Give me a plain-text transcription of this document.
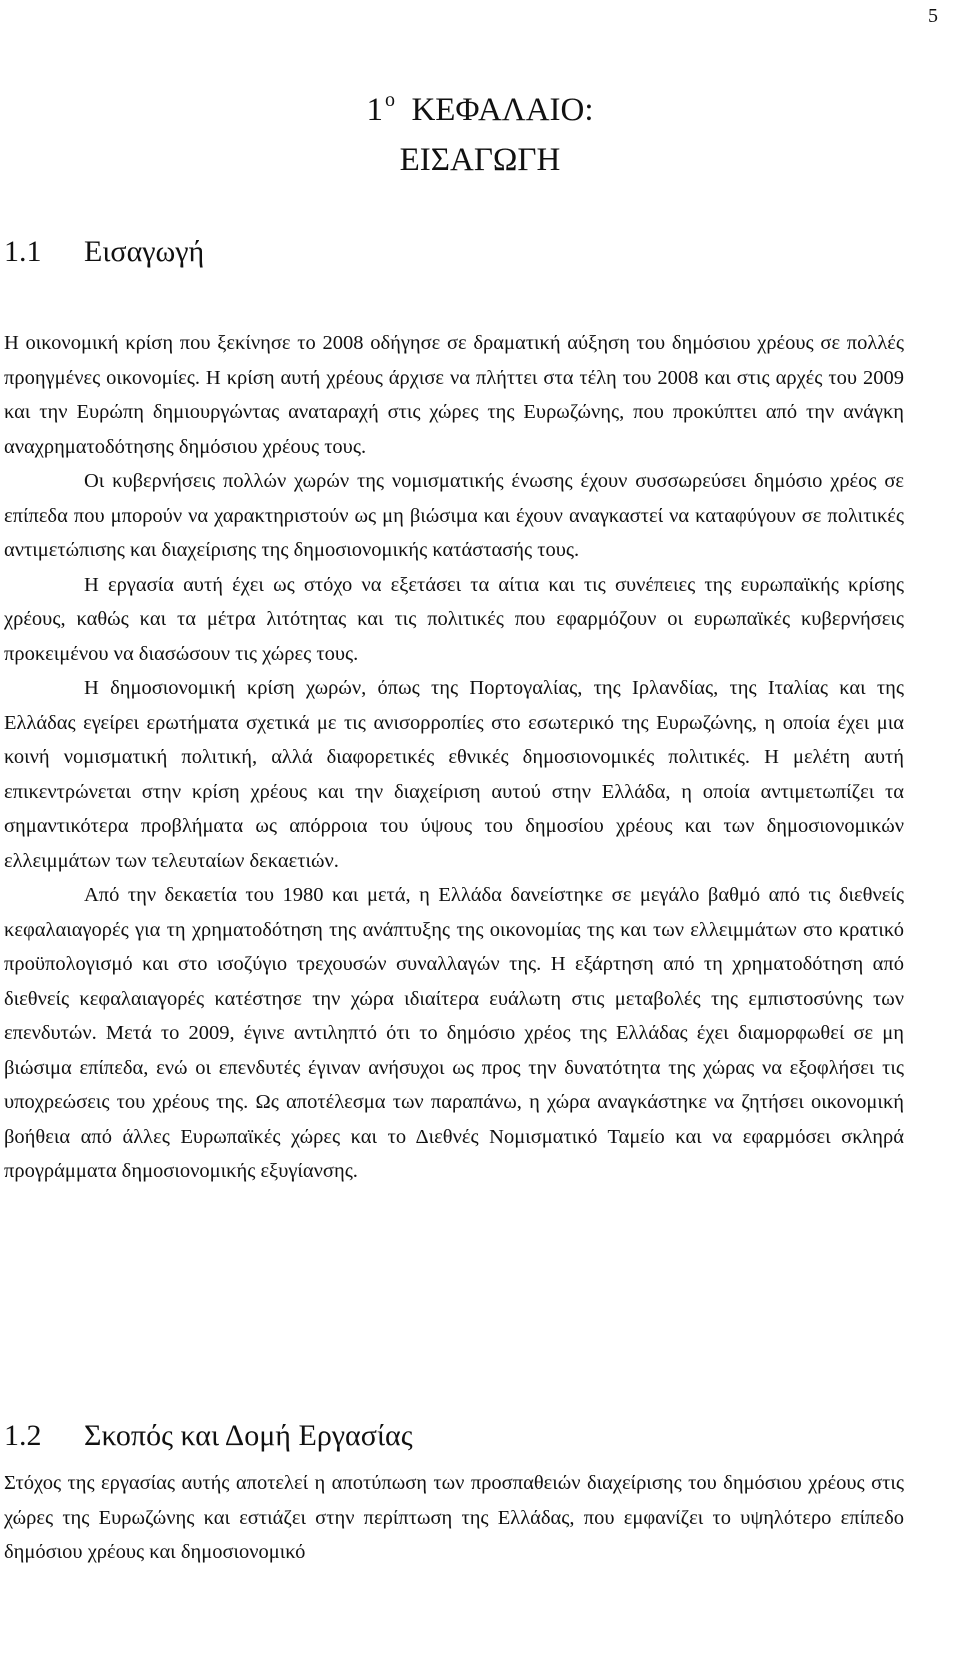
5
1 $^o$ ΚΕΦΑΛΑΙΟ:
ΕΙΣΑΓΩΓΗ
1.1 Εισαγωγή

Η οικονομική κρίση που ξεκίνησε το 2008 οδήγησε σε δραματική αύξηση του δημόσιου χρέους σε πολλές προηγμένες οικονομίες. Η κρίση αυτή χρέους άρχισε να πλήττει στα τέλη του 2008 και στις αρχές του 2009 και την Ευρώπη δημιουργώντας αναταραχή στις χώρες της Ευρωζώνης, που προκύπτει από την ανάγκη αναχρηματοδότησης δημόσιου χρέους τους.

Οι κυβερνήσεις πολλών χωρών της νομισματικής ένωσης έχουν συσσωρεύσει δημόσιο χρέος σε επίπεδα που μπορούν να χαρακτηριστούν ως μη βιώσιμα και έχουν αναγκαστεί να καταφύγουν σε πολιτικές αντιμετώπισης και διαχείρισης της δημοσιονομικής κατάστασής τους.

Η εργασία αυτή έχει ως στόχο να εξετάσει τα αίτια και τις συνέπειες της ευρωπαϊκής κρίσης χρέους, καθώς και τα μέτρα λιτότητας και τις πολιτικές που εφαρμόζουν οι ευρωπαϊκές κυβερνήσεις προκειμένου να διασώσουν τις χώρες τους.

Η δημοσιονομική κρίση χωρών, όπως της Πορτογαλίας, της Ιρλανδίας, της Ιταλίας και της Ελλάδας εγείρει ερωτήματα σχετικά με τις ανισορροπίες στο εσωτερικό της Ευρωζώνης, η οποία έχει μια κοινή νομισματική πολιτική, αλλά διαφορετικές εθνικές δημοσιονομικές πολιτικές. Η μελέτη αυτή επικεντρώνεται στην κρίση χρέους και την διαχείριση αυτού στην Ελλάδα, η οποία αντιμετωπίζει τα σημαντικότερα προβλήματα ως απόρροια του ύψους του δημοσίου χρέους και των δημοσιονομικών ελλειμμάτων των τελευταίων δεκαετιών.

Από την δεκαετία του 1980 και μετά, η Ελλάδα δανείστηκε σε μεγάλο βαθμό από τις διεθνείς κεφαλαιαγορές για τη χρηματοδότηση της ανάπτυξης της οικονομίας της και των ελλειμμάτων στο κρατικό προϋπολογισμό και στο ισοζύγιο τρεχουσών συναλλαγών της. Η εξάρτηση από τη χρηματοδότηση από διεθνείς κεφαλαιαγορές κατέστησε την χώρα ιδιαίτερα ευάλωτη στις μεταβολές της εμπιστοσύνης των επενδυτών. Μετά το 2009, έγινε αντιληπτό ότι το δημόσιο χρέος της Ελλάδας έχει διαμορφωθεί σε μη βιώσιμα επίπεδα, ενώ οι επενδυτές έγιναν ανήσυχοι ως προς την δυνατότητα της χώρας να εξοφλήσει τις υποχρεώσεις του χρέους της. Ως αποτέλεσμα των παραπάνω, η χώρα αναγκάστηκε να ζητήσει οικονομική βοήθεια από άλλες Ευρωπαϊκές χώρες και το Διεθνές Νομισματικό Ταμείο και να εφαρμόσει σκληρά προγράμματα δημοσιονομικής εξυγίανσης.

1.2 Σκοπός και Δομή Εργασίας

Στόχος της εργασίας αυτής αποτελεί η αποτύπωση των προσπαθειών διαχείρισης του δημόσιου χρέους στις χώρες της Ευρωζώνης και εστιάζει στην περίπτωση της Ελλάδας, που εμφανίζει το υψηλότερο επίπεδο δημόσιου χρέους και δημοσιονομικό
